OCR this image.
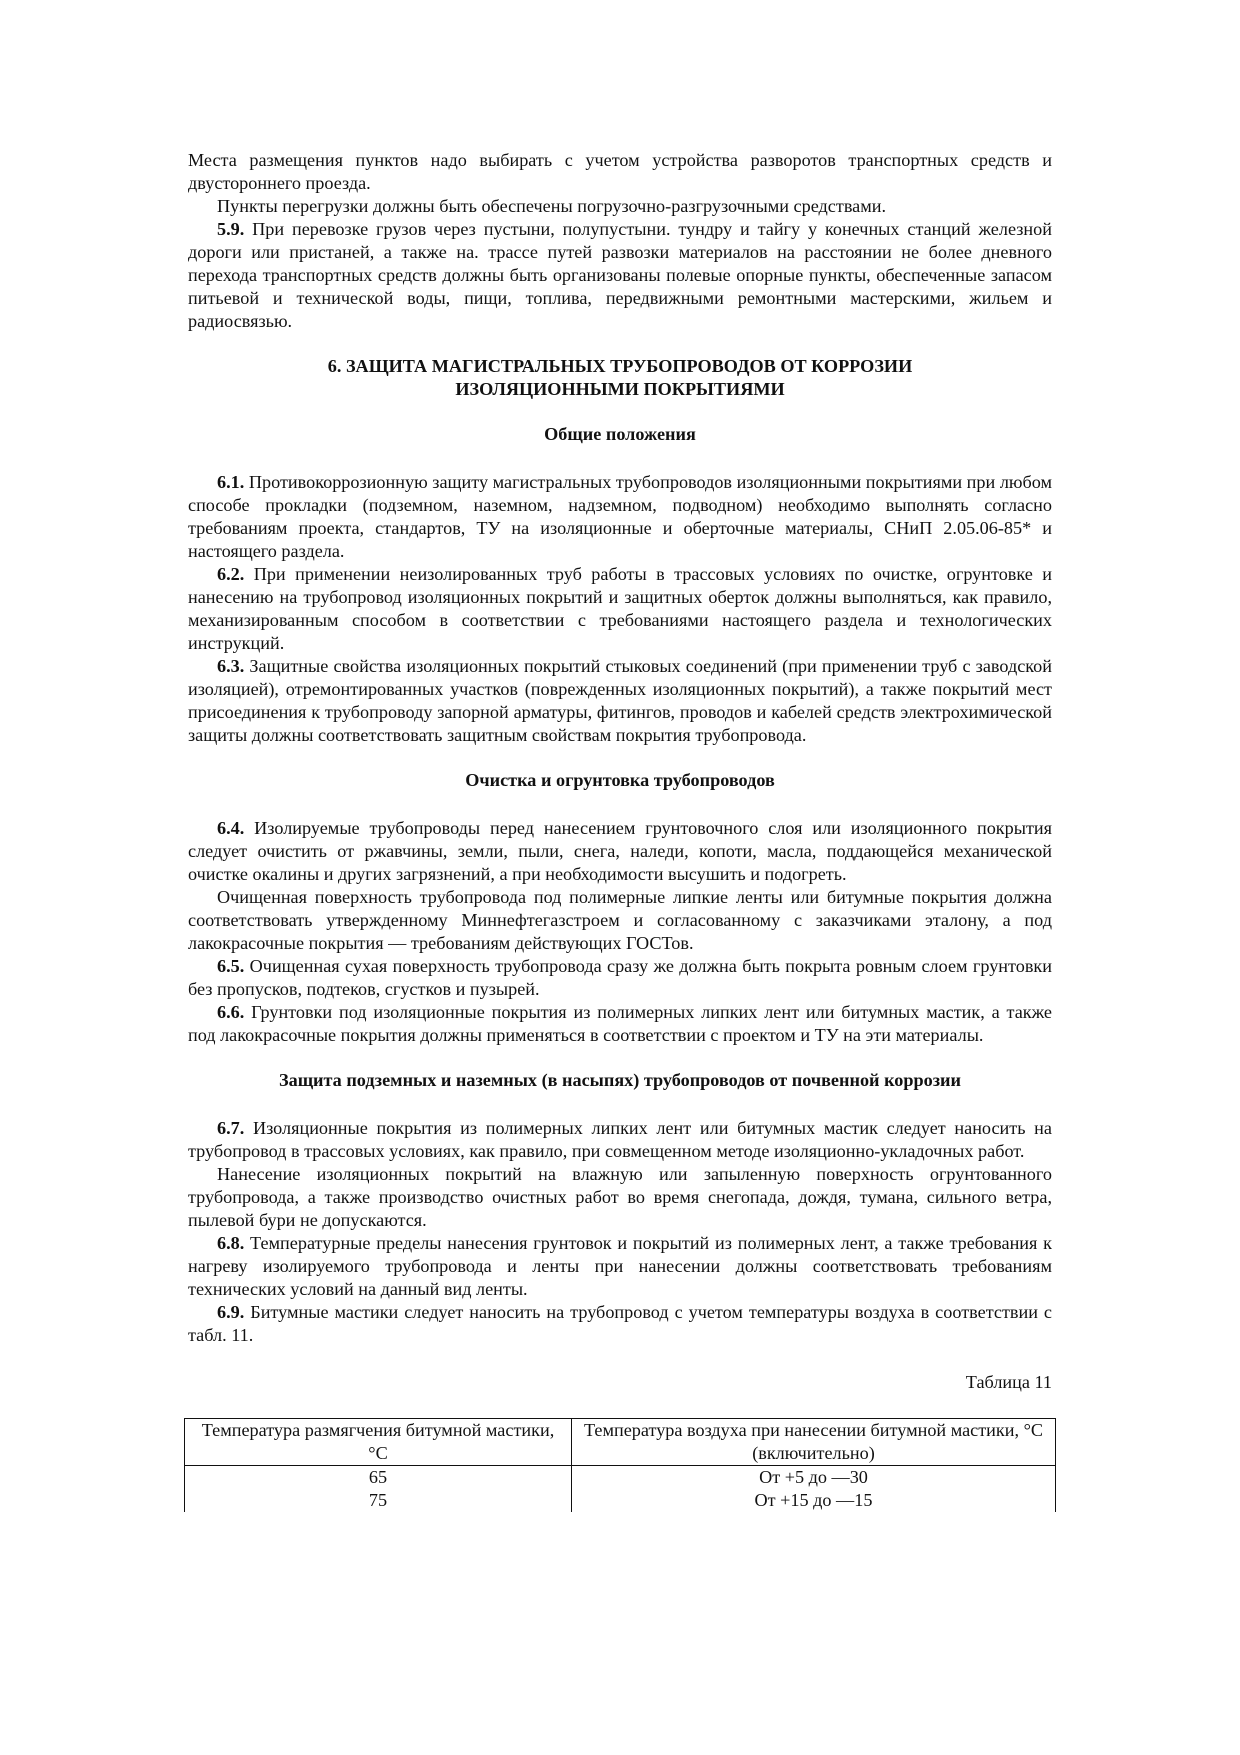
Места размещения пунктов надо выбирать с учетом устройства разворотов транспортных средств и двустороннего проезда.

Пункты перегрузки должны быть обеспечены погрузочно-разгрузочными средствами.

5.9. При перевозке грузов через пустыни, полупустыни. тундру и тайгу у конечных станций железной дороги или пристаней, а также на. трассе путей развозки материалов на расстоянии не более дневного перехода транспортных средств должны быть организованы полевые опорные пункты, обеспеченные запасом питьевой и технической воды, пищи, топлива, передвижными ремонтными мастерскими, жильем и радиосвязью.

6. ЗАЩИТА МАГИСТРАЛЬНЫХ ТРУБОПРОВОДОВ ОТ КОРРОЗИИ
ИЗОЛЯЦИОННЫМИ ПОКРЫТИЯМИ
Общие положения

6.1. Противокоррозионную защиту магистральных трубопроводов изоляционными покрытиями при любом способе прокладки (подземном, наземном, надземном, подводном) необходимо выполнять согласно требованиям проекта, стандартов, ТУ на изоляционные и оберточные материалы, СНиП 2.05.06-85* и настоящего раздела.

6.2. При применении неизолированных труб работы в трассовых условиях по очистке, огрунтовке и нанесению на трубопровод изоляционных покрытий и защитных оберток должны выполняться, как правило, механизированным способом в соответствии с требованиями настоящего раздела и технологических инструкций.

6.3. Защитные свойства изоляционных покрытий стыковых соединений (при применении труб с заводской изоляцией), отремонтированных участков (поврежденных изоляционных покрытий), а также покрытий мест присоединения к трубопроводу запорной арматуры, фитингов, проводов и кабелей средств электрохимической защиты должны соответствовать защитным свойствам покрытия трубопровода.

Очистка и огрунтовка трубопроводов

6.4. Изолируемые трубопроводы перед нанесением грунтовочного слоя или изоляционного покрытия следует очистить от ржавчины, земли, пыли, снега, наледи, копоти, масла, поддающейся механической очистке окалины и других загрязнений, а при необходимости высушить и подогреть.

Очищенная поверхность трубопровода под полимерные липкие ленты или битумные покрытия должна соответствовать утвержденному Миннефтегазстроем и согласованному с заказчиками эталону, а под лакокрасочные покрытия — требованиям действующих ГОСТов.

6.5. Очищенная сухая поверхность трубопровода сразу же должна быть покрыта ровным слоем грунтовки без пропусков, подтеков, сгустков и пузырей.

6.6. Грунтовки под изоляционные покрытия из полимерных липких лент или битумных мастик, а также под лакокрасочные покрытия должны применяться в соответствии с проектом и ТУ на эти материалы.

Защита подземных и наземных (в насыпях) трубопроводов от почвенной коррозии

6.7. Изоляционные покрытия из полимерных липких лент или битумных мастик следует наносить на трубопровод в трассовых условиях, как правило, при совмещенном методе изоляционно-укладочных работ.

Нанесение изоляционных покрытий на влажную или запыленную поверхность огрунтованного трубопровода, а также производство очистных работ во время снегопада, дождя, тумана, сильного ветра, пылевой бури не допускаются.

6.8. Температурные пределы нанесения грунтовок и покрытий из полимерных лент, а также требования к нагреву изолируемого трубопровода и ленты при нанесении должны соответствовать требованиям технических условий на данный вид ленты.

6.9. Битумные мастики следует наносить на трубопровод с учетом температуры воздуха в соответствии с табл. 11.

Таблица 11
Температура размягчения битумной мастики, °С	Температура воздуха при нанесении битумной мастики, °С (включительно)
65	От +5 до —30
75	От +15 до —15
